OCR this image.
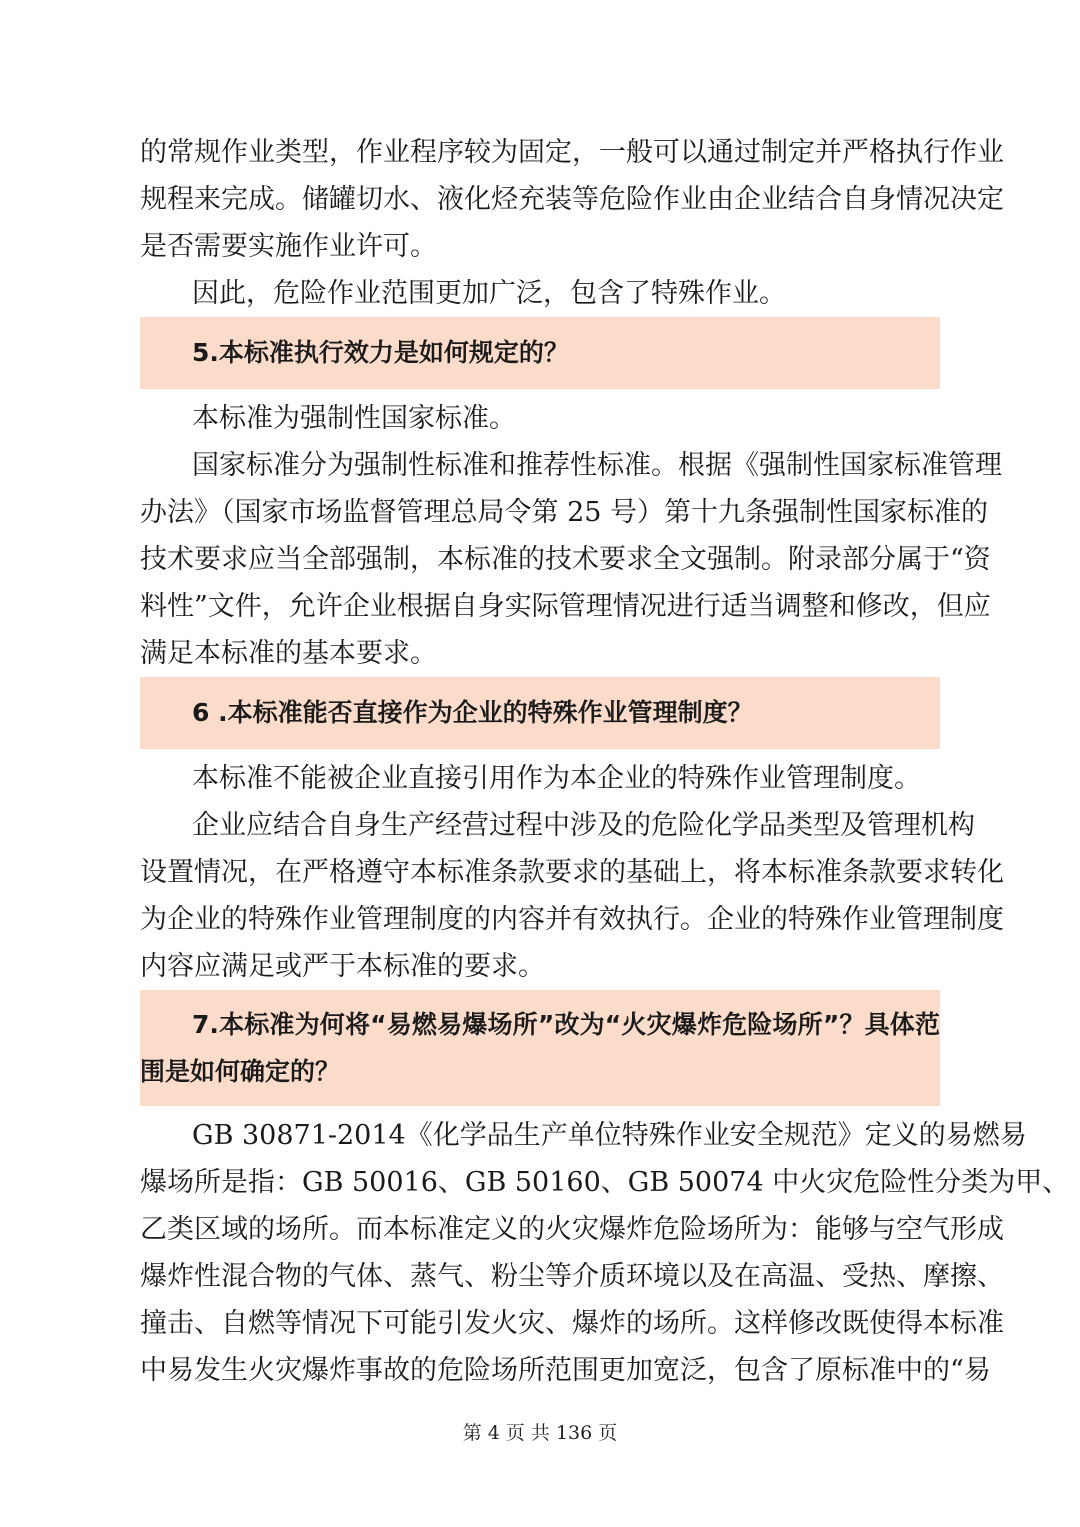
的常规作业类型，作业程序较为固定，一般可以通过制定并严格执行作业
规程来完成。储罐切水、液化烃充装等危险作业由企业结合自身情况决定
是否需要实施作业许可。
因此，危险作业范围更加广泛，包含了特殊作业。
5.本标准执行效力是如何规定的？
本标准为强制性国家标准。
国家标准分为强制性标准和推荐性标准。根据《强制性国家标准管理
办法》（国家市场监督管理总局令第 25 号）第十九条强制性国家标准的
技术要求应当全部强制，本标准的技术要求全文强制。附录部分属于“资
料性”文件，允许企业根据自身实际管理情况进行适当调整和修改，但应
满足本标准的基本要求。
6 .本标准能否直接作为企业的特殊作业管理制度？
本标准不能被企业直接引用作为本企业的特殊作业管理制度。
企业应结合自身生产经营过程中涉及的危险化学品类型及管理机构
设置情况，在严格遵守本标准条款要求的基础上，将本标准条款要求转化
为企业的特殊作业管理制度的内容并有效执行。企业的特殊作业管理制度
内容应满足或严于本标准的要求。
7.本标准为何将“易燃易爆场所”改为“火灾爆炸危险场所”？具体范
围是如何确定的？
GB 30871-2014《化学品生产单位特殊作业安全规范》定义的易燃易
爆场所是指：GB 50016、GB 50160、GB 50074 中火灾危险性分类为甲、
乙类区域的场所。而本标准定义的火灾爆炸危险场所为：能够与空气形成
爆炸性混合物的气体、蒸气、粉尘等介质环境以及在高温、受热、摩擦、
撞击、自燃等情况下可能引发火灾、爆炸的场所。这样修改既使得本标准
中易发生火灾爆炸事故的危险场所范围更加宽泛，包含了原标准中的“易
第 4 页 共 136 页
